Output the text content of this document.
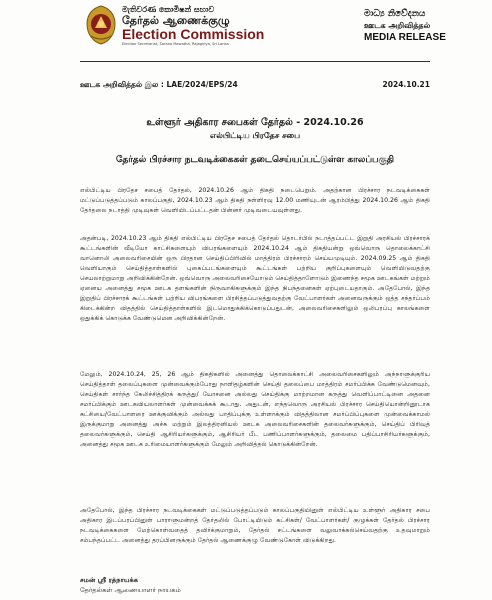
මැතිවරණ කොමිෂන් සභාව
தேர்தல் ஆணைக்குழு
Election Commission
Election Secretariat, Sarana Mawatha, Rajagiriya, Sri Lanka
මාධ්‍ය නිවේදනය
ஊடக அறிவித்தல்
MEDIA RELEASE
ஊடக அறிவித்தல் இல : LAE/2024/EPS/24	2024.10.21
உள்ளூர் அதிகார சபைகள் தேர்தல் - 2024.10.26
எல்பிட்டிய பிரதேச சபை
தேர்தல் பிரச்சார நடவடிக்கைகள் தடைசெய்யப்பட்டுள்ள காலப்பகுதி

எல்பிட்டிய பிரதேச சபைத் தேர்தல், 2024.10.26 ஆம் திகதி நடைபெறும். அதற்கான பிரச்சார நடவடிக்கைகள் மட்டுப்படுத்தப்படும் காலப்பகுதி, 2024.10.23 ஆம் திகதி நள்ளிரவு 12.00 மணியுடன் ஆரம்பித்து 2024.10.26 ஆம் திகதி தேர்தலை நடாத்தி முடிவுகள் வெளியிடப்பட்டதன் பின்னர் முடிவடையவுள்ளது.

அதன்படி, 2024.10.23 ஆம் திகதி எல்பிட்டிய பிரதேச சபைத் தேர்தல் தொடர்பில் நடாத்தப்பட்ட இறுதி அரசியல் பிரச்சாரக் கூட்டங்களின் வீடியோ காட்சிகளையும் விபரங்களையும் 2024.10.24 ஆம் திகதியன்று ஒவ்வொரு தொலைக்காட்சி வானொலி அலைவரிசையின் ஒரு பிரதான செய்திப்பிரிவில் மாத்திரம் பிரச்சாரம் செய்யமுடியும். 2024.09.25 ஆம் திகதி வெளியாகும் செய்தித்தாள்களில் புகைப்படங்களையும் கூட்டங்கள் பற்றிய குறிப்புகளையும் வெளியிடுவதற்கு செயலாற்றுமாறு அறிவிக்கின்றேன். ஒவ்வொரு அலைவரிசையோடும் செய்தித்தாளோடும் இணைந்த சமூக ஊடகங்கள் மற்றும் ஏனைய அனைத்து சமூக ஊடக தளங்களின் நிருவாகிகளுக்கும் இந்த நிபந்தனைகள் ஏற்புடையதாகும். அதேபோல், இந்த இறுதிப் பிரச்சாரக் கூட்டங்கள் பற்றிய விபரங்களை பிரசித்தப்படுத்துவதற்கு வேட்பாளர்கள் அனைவருக்கும் ஒத்த சந்தர்ப்பம் கிடைக்கின்ற விதத்தில் செய்தித்தாள்களில் இடமொதுக்கிக்கொடுப்பதுடன், அலைவரிசைகளிலும் ஒலிபரப்பு காலங்களை ஒதுக்கிக் கொடுக்க வேண்டுமென அறிவிக்கின்றேன்.

மேலும், 2024.10.24, 25, 26 ஆம் திகதிகளில் அனைத்து தொலைக்காட்சி அலைவரிசைகளிலும் அந்நாளுக்குரிய செய்தித்தாள் தலைப்புகளை முன்வைக்கும்போது நாளிதழ்களின் செய்தி தலைப்பை மாத்திரம் சமர்ப்பிக்க வேண்டுமெனவும், செய்திகள் சார்ந்த கேலிச்சித்திரக் கருத்து/ யோசனை அல்லது செய்திக்கு மாற்றமான கருத்து வெளிப்பாட்டினை அதனை சமர்ப்பிக்கும் ஊடகவியலாளர்கள் முன்வைக்கக் கூடாது. அதுடன், எந்தவொரு அரசியல் பிரச்சார செய்தியொன்றினூடாக கட்சியை/வேட்பாளரை ஊக்குவிக்கும் அல்லது பாதிப்புக்கு உள்ளாக்கும் விதத்திலான சமர்ப்பிப்புகளை முன்வைக்காமல் இருக்குமாறு அனைத்து அச்சு மற்றும் இலத்திரனியல் ஊடக அலைவரிசைகளின் தலைவர்களுக்கும், செய்திப் பிரிவுத் தலைவர்களுக்கும், செய்தி ஆசிரியர்களுக்கும், ஆசிரியர் பீட பணிப்பாளர்களுக்கும், தலைமை பதிப்பாசிரியர்களுக்கும், அனைத்து சமூக ஊடக உரிமையாளர்களுக்கும் மேலும் அறிவித்தல் கொடுக்கின்றேன்.

அதேபோல், இந்த பிரச்சார நடவடிக்கைகள் மட்டுப்படுத்தப்படும் காலப்பகுதியினுள் எல்பிட்டிய உள்ளூர் அதிகார சபை அதிகார இடப்பரப்பினுள் பாராளுமன்றத் தேர்தலில் போட்டியிடும் கட்சிகள்/ வேட்பாளர்கள்/ குழுக்கள் தேர்தல் பிரச்சார நடவடிக்கைகளை மேற்கொள்வதைத் தவிர்க்குமாறும், தேர்தல் சட்டங்களை வலுவாக்கல்செய்வதற்கு உதவுமாறும் சம்பந்தப்பட்ட அனைத்து தரப்பினருக்கும் தேர்தல் ஆணைக்குழு வேண்டுகோள் விடுக்கிறது.

சமன் ஸ்ரீ ரத்நாயக்க
தேர்தல்கள் ஆணையாளர் நாயகம்
